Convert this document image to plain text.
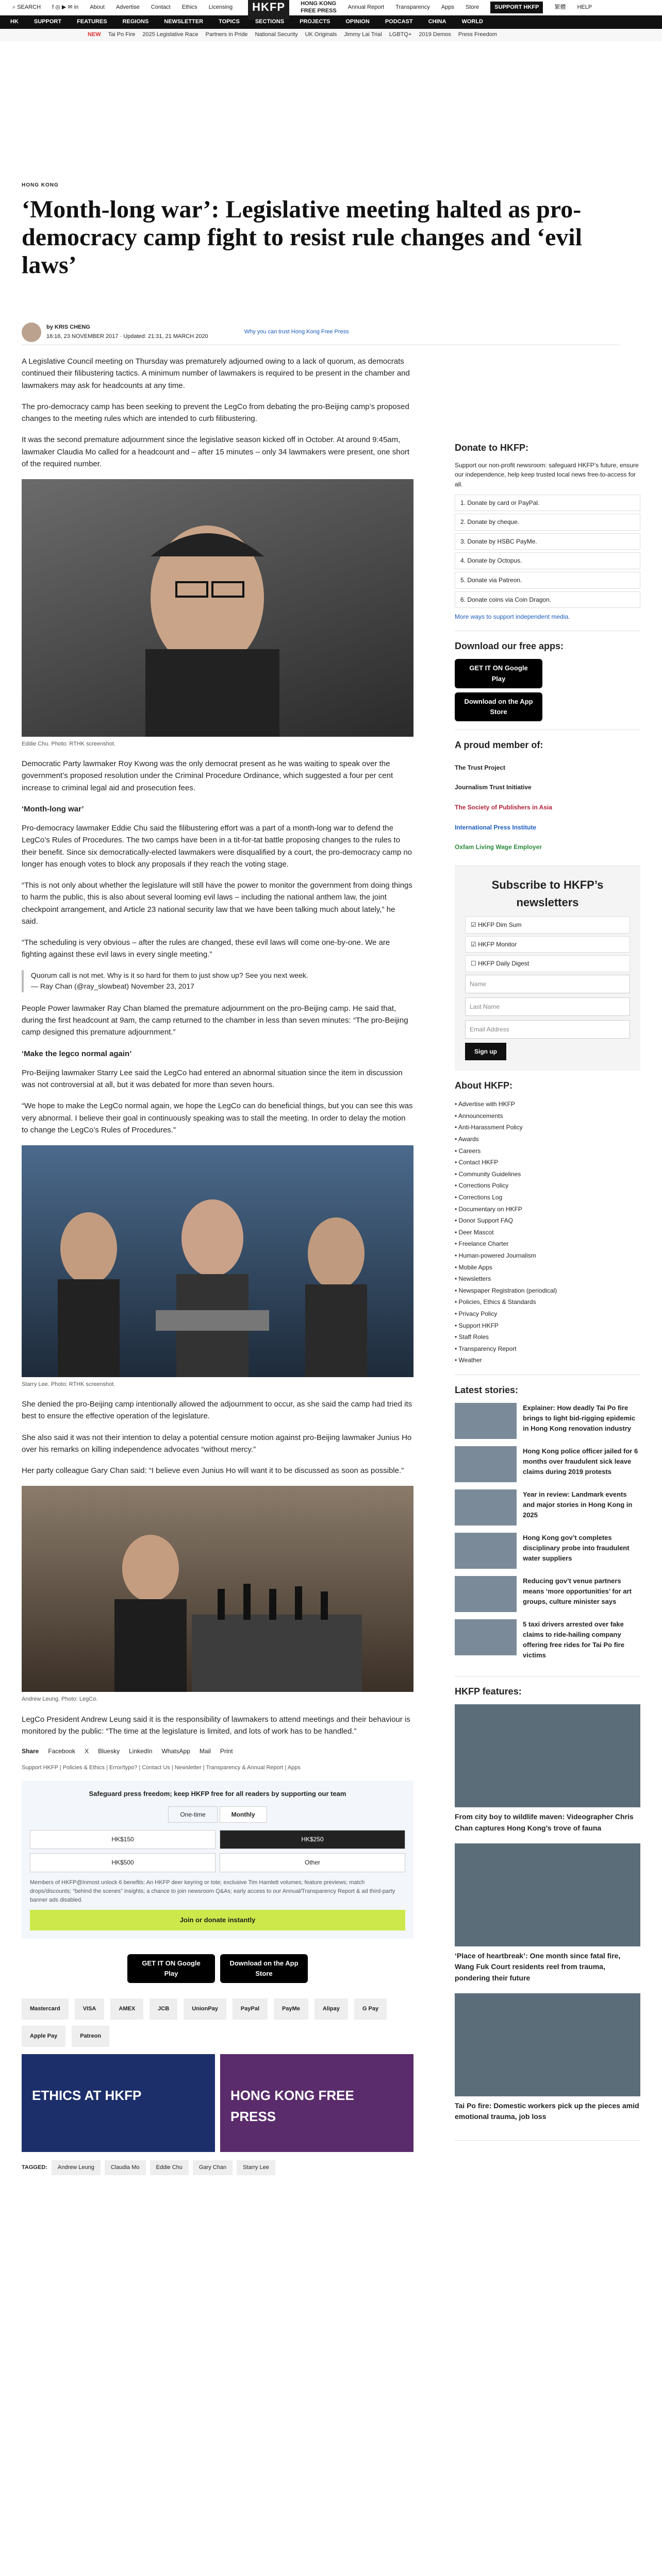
⌕ SEARCH f ◎ ▶ ✉ in About Advertise Contact Ethics Licensing	HKFP	HONG KONG
FREE PRESS
Annual Report Transparency Apps Store	SUPPORT HKFP	繁體 HELP
HK	SUPPORT	FEATURES	REGIONS	NEWSLETTER	TOPICS	SECTIONS	PROJECTS	OPINION	PODCAST	CHINA	WORLD
NEW Tai Po Fire 2025 Legislative Race Partners in Pride National Security UK Originals Jimmy Lai Trial LGBTQ+ 2019 Demos Press Freedom
HONG KONG
‘Month-long war’: Legislative meeting halted as pro-democracy camp fight to resist rule changes and ‘evil laws’
by KRIS CHENG
16:16, 23 NOVEMBER 2017 · Updated: 21:31, 21 MARCH 2020
Why you can trust Hong Kong Free Press

A Legislative Council meeting on Thursday was prematurely adjourned owing to a lack of quorum, as democrats continued their filibustering tactics. A minimum number of lawmakers is required to be present in the chamber and lawmakers may ask for headcounts at any time.

The pro-democracy camp has been seeking to prevent the LegCo from debating the pro-Beijing camp’s proposed changes to the meeting rules which are intended to curb filibustering.

It was the second premature adjournment since the legislative season kicked off in October. At around 9:45am, lawmaker Claudia Mo called for a headcount and – after 15 minutes – only 34 lawmakers were present, one short of the required number.

Eddie Chu. Photo: RTHK screenshot.

Democratic Party lawmaker Roy Kwong was the only democrat present as he was waiting to speak over the government’s proposed resolution under the Criminal Procedure Ordinance, which suggested a four per cent increase to criminal legal aid and prosecution fees.

‘Month-long war’

Pro-democracy lawmaker Eddie Chu said the filibustering effort was a part of a month-long war to defend the LegCo’s Rules of Procedures. The two camps have been in a tit-for-tat battle proposing changes to the rules to their benefit. Since six democratically-elected lawmakers were disqualified by a court, the pro-democracy camp no longer has enough votes to block any proposals if they reach the voting stage.

“This is not only about whether the legislature will still have the power to monitor the government from doing things to harm the public, this is also about several looming evil laws – including the national anthem law, the joint checkpoint arrangement, and Article 23 national security law that we have been talking much about lately,” he said.

“The scheduling is very obvious – after the rules are changed, these evil laws will come one-by-one. We are fighting against these evil laws in every single meeting.”

Quorum call is not met. Why is it so hard for them to just show up? See you next week.
— Ray Chan (@ray_slowbeat) November 23, 2017

People Power lawmaker Ray Chan blamed the premature adjournment on the pro-Beijing camp. He said that, during the first headcount at 9am, the camp returned to the chamber in less than seven minutes: “The pro-Beijing camp designed this premature adjournment.”

‘Make the legco normal again’

Pro-Beijing lawmaker Starry Lee said the LegCo had entered an abnormal situation since the item in discussion was not controversial at all, but it was debated for more than seven hours.

“We hope to make the LegCo normal again, we hope the LegCo can do beneficial things, but you can see this was very abnormal. I believe their goal in continuously speaking was to stall the meeting. In order to delay the motion to change the LegCo’s Rules of Procedures.”

Starry Lee. Photo: RTHK screenshot.

She denied the pro-Beijing camp intentionally allowed the adjournment to occur, as she said the camp had tried its best to ensure the effective operation of the legislature.

She also said it was not their intention to delay a potential censure motion against pro-Beijing lawmaker Junius Ho over his remarks on killing independence advocates “without mercy.”

Her party colleague Gary Chan said: “I believe even Junius Ho will want it to be discussed as soon as possible.”

Andrew Leung. Photo: LegCo.

LegCo President Andrew Leung said it is the responsibility of lawmakers to attend meetings and their behaviour is monitored by the public: “The time at the legislature is limited, and lots of work has to be handled.”

Share Facebook X Bluesky LinkedIn WhatsApp Mail Print
Support HKFP | Policies & Ethics | Error/typo? | Contact Us | Newsletter | Transparency & Annual Report | Apps
Safeguard press freedom; keep HKFP free for all readers by supporting our team
One-time	Monthly
HK$150	HK$250
HK$500	Other
Members of HKFP@Inmost unlock 6 benefits: An HKFP deer keyring or tote; exclusive Tim Hamlett volumes; feature previews; match drops/discounts; “behind the scenes” insights; a chance to join newsroom Q&As; early access to our Annual/Transparency Report & ad third-party banner ads disabled.
Join or donate instantly
GET IT ON Google Play
Download on the App Store
Mastercard	VISA	AMEX	JCB	UnionPay	PayPal	PayMe	Alipay	G Pay
Apple Pay	Patreon
ETHICS AT HKFP	HONG KONG FREE PRESS
TAGGED:	Andrew Leung	Claudia Mo	Eddie Chu	Gary Chan	Starry Lee
Donate to HKFP:

Support our non-profit newsroom: safeguard HKFP’s future, ensure our independence, help keep trusted local news free-to-access for all.

1. Donate by card or PayPal.
2. Donate by cheque.
3. Donate by HSBC PayMe.
4. Donate by Octopus.
5. Donate via Patreon.
6. Donate coins via Coin Dragon.
More ways to support independent media.
Download our free apps:
GET IT ON Google Play
Download on the App Store
A proud member of:
The Trust Project
Journalism Trust Initiative
The Society of Publishers in Asia
International Press Institute
Oxfam Living Wage Employer
Subscribe to HKFP’s newsletters
☑ HKFP Dim Sum
☑ HKFP Monitor
☐ HKFP Daily Digest
Name
Last Name
Email Address
Sign up
About HKFP:
• Advertise with HKFP
• Announcements
• Anti-Harassment Policy
• Awards
• Careers
• Contact HKFP
• Community Guidelines
• Corrections Policy
• Corrections Log
• Documentary on HKFP
• Donor Support FAQ
• Deer Mascot
• Freelance Charter
• Human-powered Journalism
• Mobile Apps
• Newsletters
• Newspaper Registration (periodical)
• Policies, Ethics & Standards
• Privacy Policy
• Support HKFP
• Staff Roles
• Transparency Report
• Weather
Latest stories:
Explainer: How deadly Tai Po fire brings to light bid-rigging epidemic in Hong Kong renovation industry
Hong Kong police officer jailed for 6 months over fraudulent sick leave claims during 2019 protests
Year in review: Landmark events and major stories in Hong Kong in 2025
Hong Kong gov’t completes disciplinary probe into fraudulent water suppliers
Reducing gov’t venue partners means ‘more opportunities’ for art groups, culture minister says
5 taxi drivers arrested over fake claims to ride-hailing company offering free rides for Tai Po fire victims
HKFP features:
From city boy to wildlife maven: Videographer Chris Chan captures Hong Kong’s trove of fauna
‘Place of heartbreak’: One month since fatal fire, Wang Fuk Court residents reel from trauma, pondering their future
Tai Po fire: Domestic workers pick up the pieces amid emotional trauma, job loss
